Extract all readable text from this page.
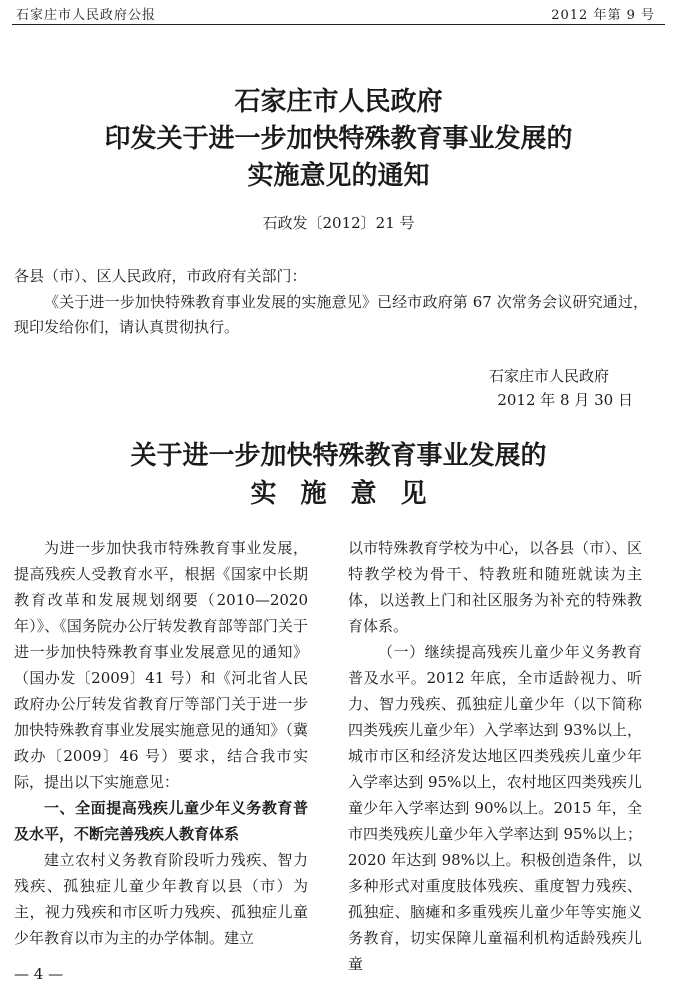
石家庄市人民政府公报	2012 年第 9 号
石家庄市人民政府
印发关于进一步加快特殊教育事业发展的
实施意见的通知
石政发〔2012〕21 号
各县（市）、区人民政府，市政府有关部门：
《关于进一步加快特殊教育事业发展的实施意见》已经市政府第 67 次常务会议研究通过，现印发给你们，请认真贯彻执行。
石家庄市人民政府
2012 年 8 月 30 日
关于进一步加快特殊教育事业发展的
实施意见

为进一步加快我市特殊教育事业发展，提高残疾人受教育水平，根据《国家中长期教育改革和发展规划纲要（2010—2020 年）》、《国务院办公厅转发教育部等部门关于进一步加快特殊教育事业发展意见的通知》（国办发〔2009〕41 号）和《河北省人民政府办公厅转发省教育厅等部门关于进一步加快特殊教育事业发展实施意见的通知》（冀政办〔2009〕46 号）要求，结合我市实际，提出以下实施意见：

一、全面提高残疾儿童少年义务教育普及水平，不断完善残疾人教育体系

建立农村义务教育阶段听力残疾、智力残疾、孤独症儿童少年教育以县（市）为主，视力残疾和市区听力残疾、孤独症儿童少年教育以市为主的办学体制。建立

以市特殊教育学校为中心，以各县（市）、区特教学校为骨干、特教班和随班就读为主体，以送教上门和社区服务为补充的特殊教育体系。

（一）继续提高残疾儿童少年义务教育普及水平。2012 年底，全市适龄视力、听力、智力残疾、孤独症儿童少年（以下简称四类残疾儿童少年）入学率达到 93%以上，城市市区和经济发达地区四类残疾儿童少年入学率达到 95%以上，农村地区四类残疾儿童少年入学率达到 90%以上。2015 年，全市四类残疾儿童少年入学率达到 95%以上；2020 年达到 98%以上。积极创造条件，以多种形式对重度肢体残疾、重度智力残疾、孤独症、脑瘫和多重残疾儿童少年等实施义务教育，切实保障儿童福利机构适龄残疾儿童

— 4 —
